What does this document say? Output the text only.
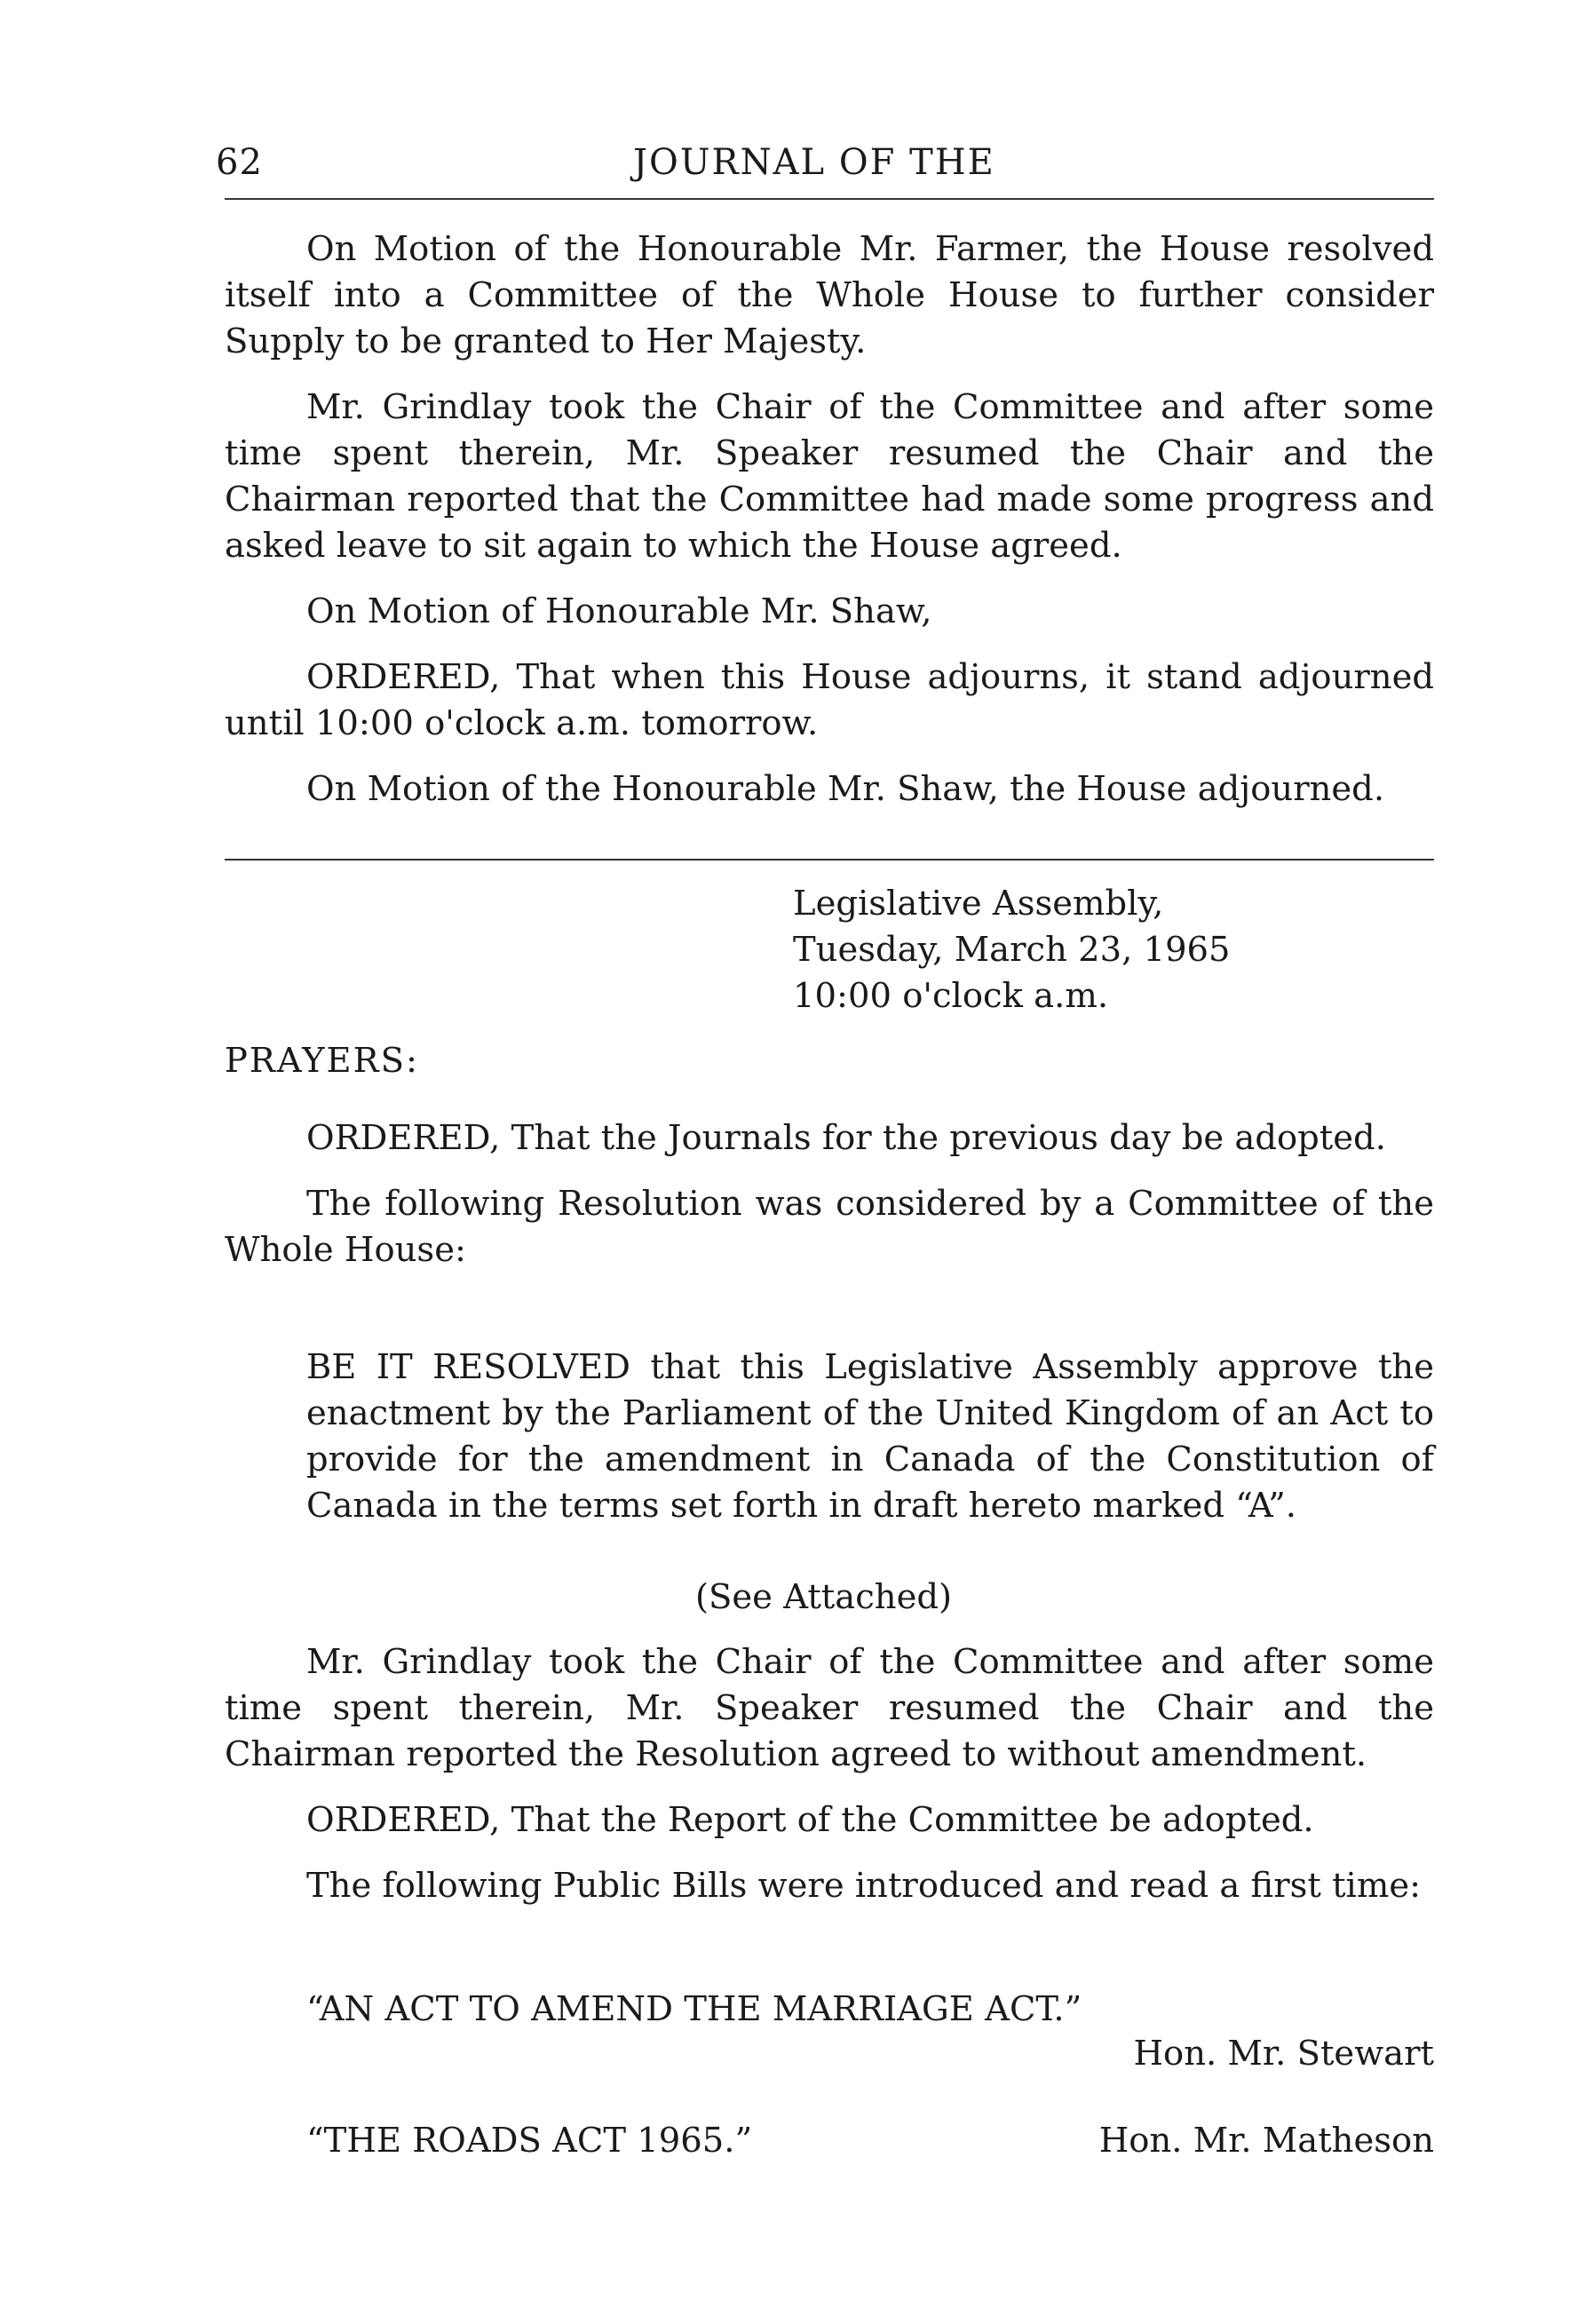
62	JOURNAL OF THE

On Motion of the Honourable Mr. Farmer, the House resolved itself into a Committee of the Whole House to further consider Supply to be granted to Her Majesty.

Mr. Grindlay took the Chair of the Committee and after some time spent therein, Mr. Speaker resumed the Chair and the Chairman reported that the Committee had made some progress and asked leave to sit again to which the House agreed.

On Motion of Honourable Mr. Shaw,

ORDERED, That when this House adjourns, it stand adjourned until 10:00 o'clock a.m. tomorrow.

On Motion of the Honourable Mr. Shaw, the House adjourned.

Legislative Assembly,
Tuesday, March 23, 1965
10:00 o'clock a.m.
PRAYERS:

ORDERED, That the Journals for the previous day be adopted.

The following Resolution was considered by a Committee of the Whole House:

BE IT RESOLVED that this Legislative Assembly approve the enactment by the Parliament of the United Kingdom of an Act to provide for the amendment in Canada of the Constitution of Canada in the terms set forth in draft hereto marked “A”.

(See Attached)

Mr. Grindlay took the Chair of the Committee and after some time spent therein, Mr. Speaker resumed the Chair and the Chairman reported the Resolution agreed to without amendment.

ORDERED, That the Report of the Committee be adopted.

The following Public Bills were introduced and read a first time:

“AN ACT TO AMEND THE MARRIAGE ACT.”
Hon. Mr. Stewart
“THE ROADS ACT 1965.”	Hon. Mr. Matheson
